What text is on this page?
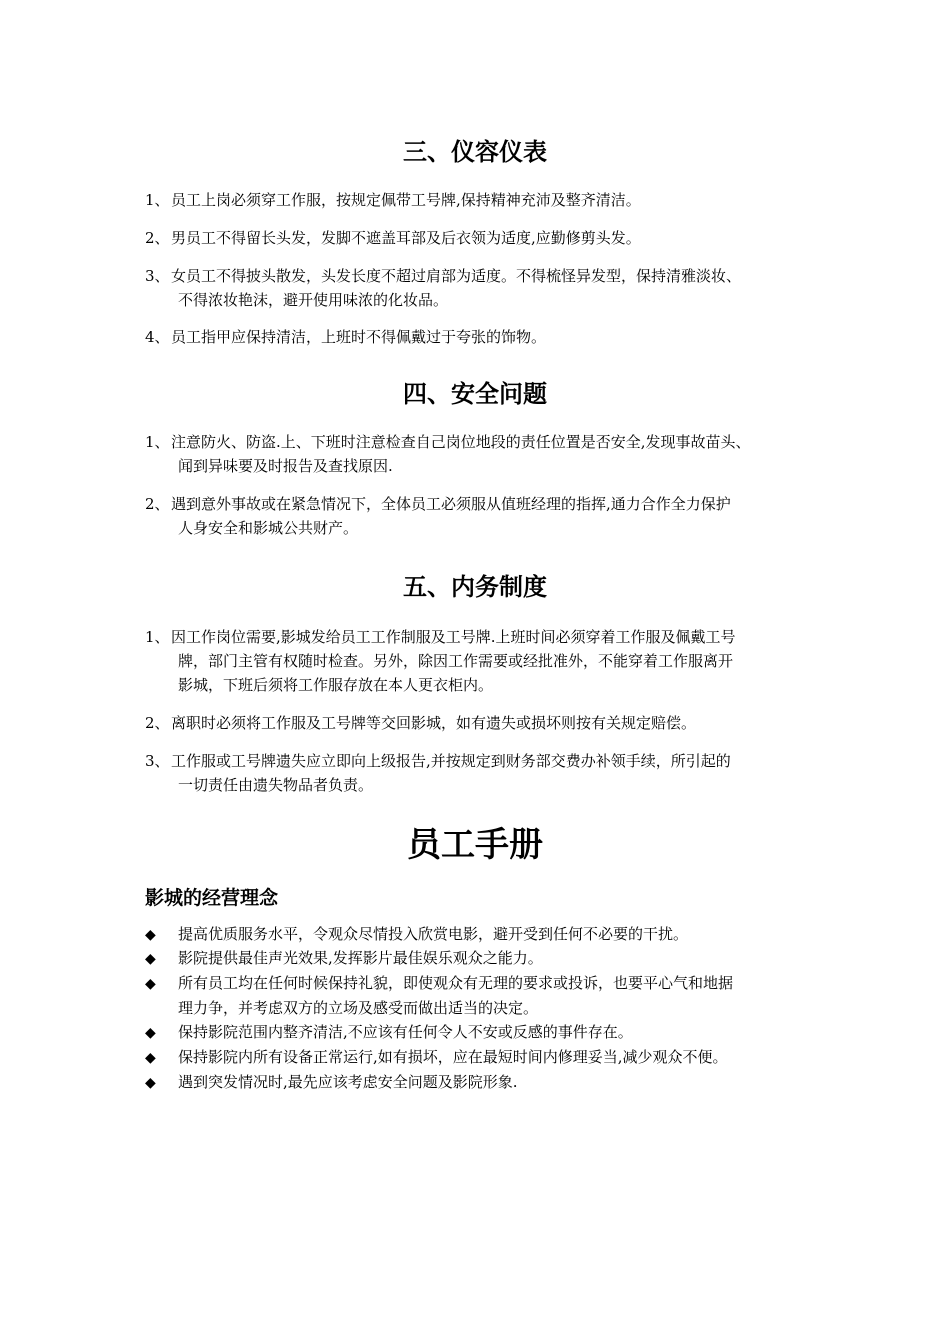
三、仪容仪表
1、 员工上岗必须穿工作服，按规定佩带工号牌,保持精神充沛及整齐清洁。
2、 男员工不得留长头发，发脚不遮盖耳部及后衣领为适度,应勤修剪头发。
3、 女员工不得披头散发，头发长度不超过肩部为适度。不得梳怪异发型，保持清雅淡妆、
不得浓妆艳沫，避开使用味浓的化妆品。
4、 员工指甲应保持清洁，上班时不得佩戴过于夸张的饰物。
四、安全问题
1、 注意防火、防盗.上、下班时注意检查自己岗位地段的责任位置是否安全,发现事故苗头、
闻到异味要及时报告及查找原因.
2、 遇到意外事故或在紧急情况下，全体员工必须服从值班经理的指挥,通力合作全力保护
人身安全和影城公共财产。
五、内务制度
1、 因工作岗位需要,影城发给员工工作制服及工号牌.上班时间必须穿着工作服及佩戴工号
牌，部门主管有权随时检查。另外，除因工作需要或经批准外，不能穿着工作服离开
影城，下班后须将工作服存放在本人更衣柜内。
2、 离职时必须将工作服及工号牌等交回影城，如有遗失或损坏则按有关规定赔偿。
3、 工作服或工号牌遗失应立即向上级报告,并按规定到财务部交费办补领手续，所引起的
一切责任由遗失物品者负责。
员工手册
影城的经营理念
◆ 提高优质服务水平，令观众尽情投入欣赏电影，避开受到任何不必要的干扰。
◆ 影院提供最佳声光效果,发挥影片最佳娱乐观众之能力。
◆ 所有员工均在任何时候保持礼貌，即使观众有无理的要求或投诉，也要平心气和地据
理力争，并考虑双方的立场及感受而做出适当的决定。
◆ 保持影院范围内整齐清洁,不应该有任何令人不安或反感的事件存在。
◆ 保持影院内所有设备正常运行,如有损坏，应在最短时间内修理妥当,减少观众不便。
◆ 遇到突发情况时,最先应该考虑安全问题及影院形象.
